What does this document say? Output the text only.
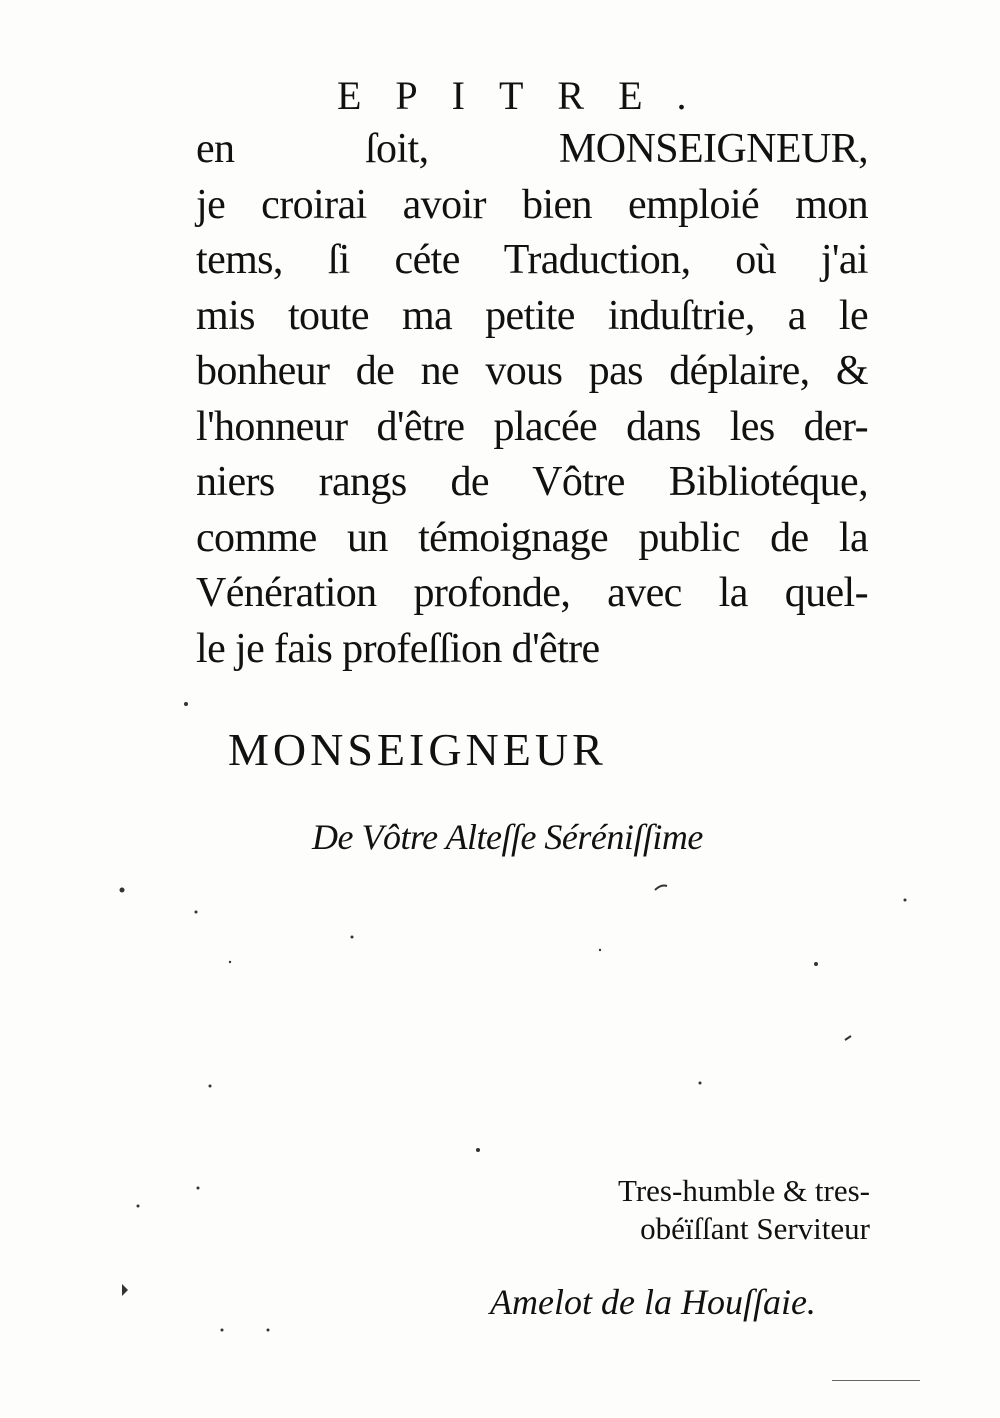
EPITRE.
en ſoit, MONSEIGNEUR,
je croirai avoir bien emploié mon
tems, ſi céte Traduction, où j'ai
mis toute ma petite induſtrie, a le
bonheur de ne vous pas déplaire, &
l'honneur d'être placée dans les der-
niers rangs de Vôtre Bibliotéque,
comme un témoignage public de la
Vénération profonde, avec la quel-
le je fais profeſſion d'être
MONSEIGNEUR
De Vôtre Alteſſe Séréniſſime
Tres-humble & tres-
obéïſſant Serviteur
Amelot de la Houſſaie.
